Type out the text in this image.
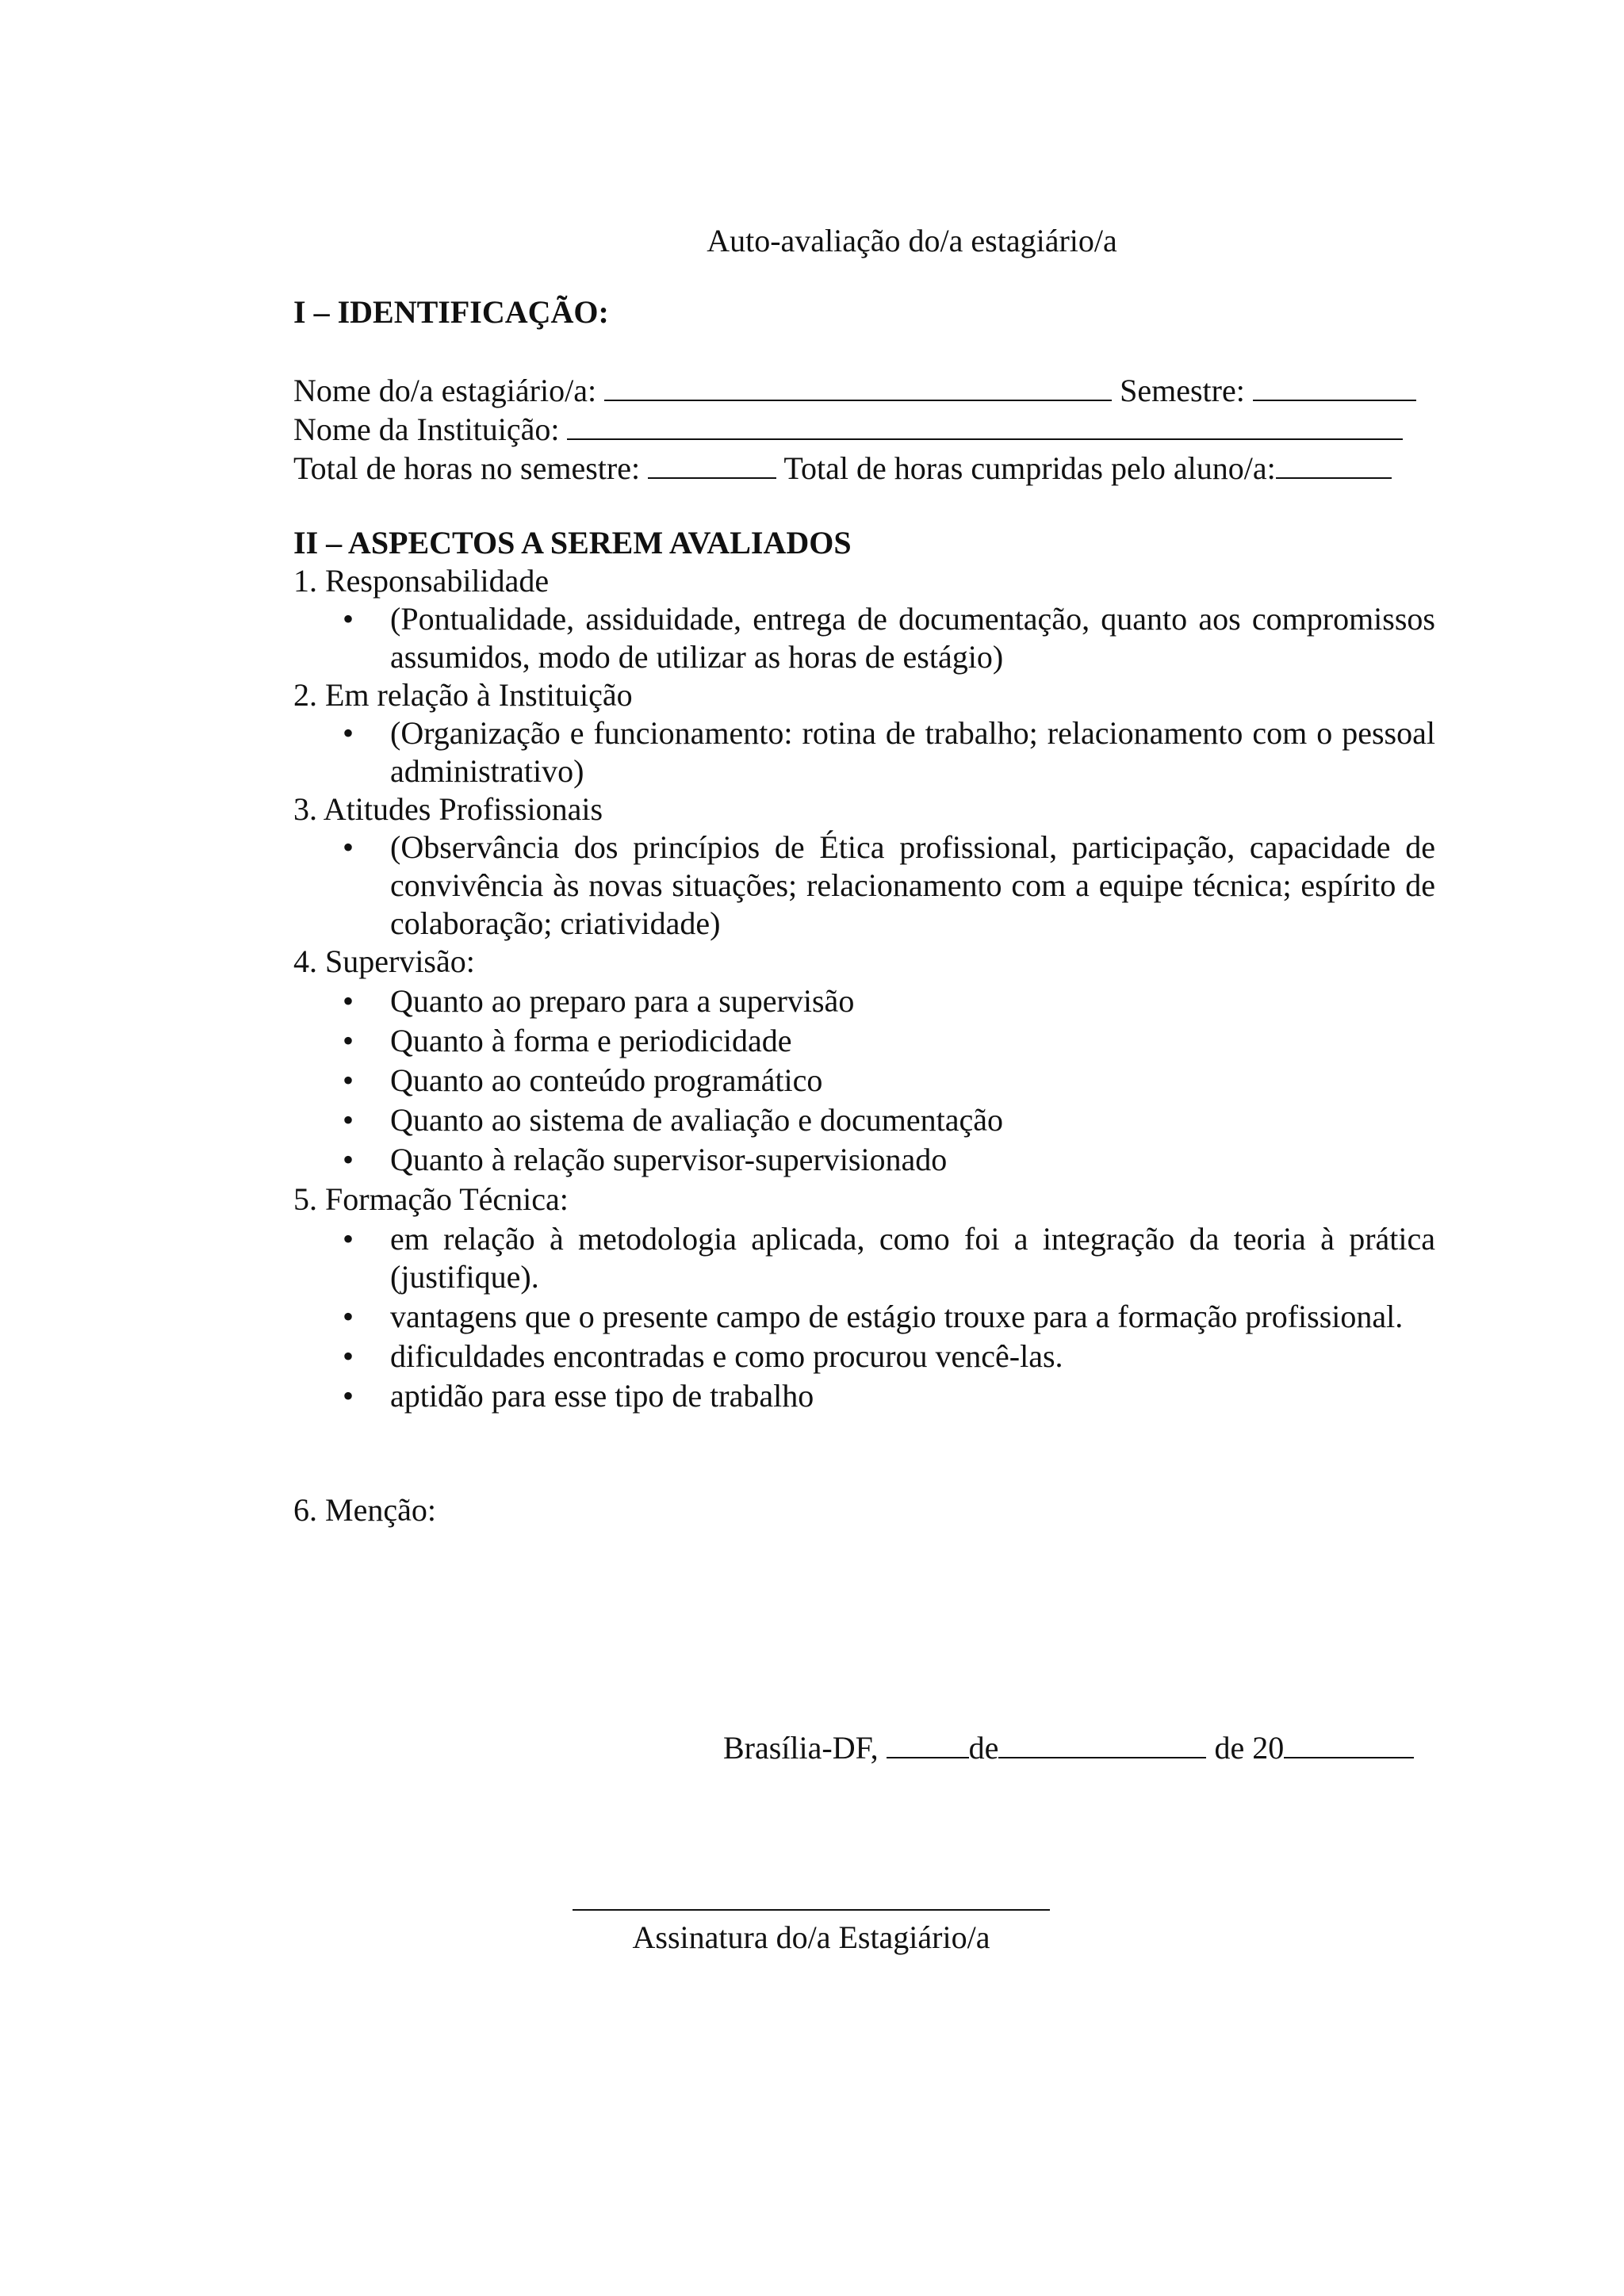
Auto-avaliação do/a estagiário/a
I – IDENTIFICAÇÃO:
Nome do/a estagiário/a:	Semestre:
Nome da Instituição:
Total de horas no semestre:	Total de horas cumpridas pelo aluno/a:
II – ASPECTOS A SEREM AVALIADOS

1. Responsabilidade

• (Pontualidade, assiduidade, entrega de documentação, quanto aos compromissos assumidos, modo de utilizar as horas de estágio)

2. Em relação à Instituição

• (Organização e funcionamento: rotina de trabalho; relacionamento com o pessoal administrativo)

3. Atitudes Profissionais

• (Observância dos princípios de Ética profissional, participação, capacidade de convivência às novas situações; relacionamento com a equipe técnica; espírito de colaboração; criatividade)

4. Supervisão:

• Quanto ao preparo para a supervisão
• Quanto à forma e periodicidade
• Quanto ao conteúdo programático
• Quanto ao sistema de avaliação e documentação
• Quanto à relação supervisor-supervisionado

5. Formação Técnica:

• em relação à metodologia aplicada, como foi a integração da teoria à prática (justifique).
• vantagens que o presente campo de estágio trouxe para a formação profissional.
• dificuldades encontradas e como procurou vencê-las.
• aptidão para esse tipo de trabalho

6. Menção:

Brasília-DF,	de	de 20
Assinatura do/a Estagiário/a
